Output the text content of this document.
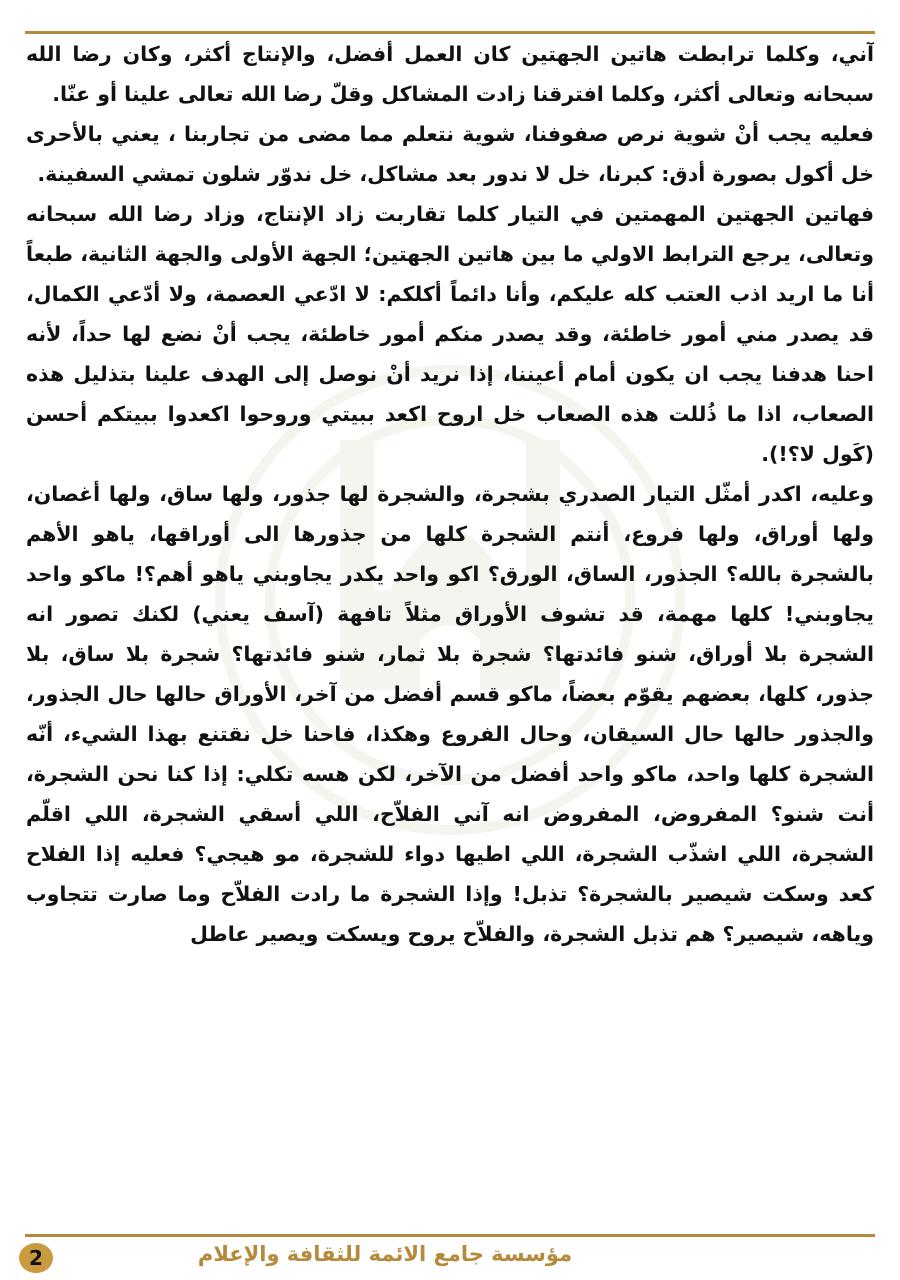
آني، وكلما ترابطت هاتين الجهتين كان العمل أفضل، والإنتاج أكثر، وكان رضا الله سبحانه وتعالى أكثر، وكلما افترقنا زادت المشاكل وقلّ رضا الله تعالى علينا أو عنّا.

فعليه يجب أنْ شوية نرص صفوفنا، شوية نتعلم مما مضى من تجاربنا ، يعني بالأحرى خل أكول بصورة أدق: كبرنا، خل لا ندور بعد مشاكل، خل ندوّر شلون تمشي السفينة.

فهاتين الجهتين المهمتين في التيار كلما تقاربت زاد الإنتاج، وزاد رضا الله سبحانه وتعالى، يرجع الترابط الاولي ما بين هاتين الجهتين؛ الجهة الأولى والجهة الثانية، طبعاً أنا ما اريد اذب العتب كله عليكم، وأنا دائماً أكلكم: لا ادّعي العصمة، ولا أدّعي الكمال، قد يصدر مني أمور خاطئة، وقد يصدر منكم أمور خاطئة، يجب أنْ نضع لها حداً، لأنه احنا هدفنا يجب ان يكون أمام أعيننا، إذا نريد أنْ نوصل إلى الهدف علينا بتذليل هذه الصعاب، اذا ما ذُللت هذه الصعاب خل اروح اكعد ببيتي وروحوا اكعدوا ببيتكم أحسن (كَول لا؟!).

وعليه، اكدر أمثّل التيار الصدري بشجرة، والشجرة لها جذور، ولها ساق، ولها أغصان، ولها أوراق، ولها فروع، أنتم الشجرة كلها من جذورها الى أوراقها، ياهو الأهم بالشجرة بالله؟ الجذور، الساق، الورق؟ اكو واحد يكدر يجاوبني ياهو أهم؟! ماكو واحد يجاوبني! كلها مهمة، قد تشوف الأوراق مثلاً تافهة (آسف يعني) لكنك تصور انه الشجرة بلا أوراق، شنو فائدتها؟ شجرة بلا ثمار، شنو فائدتها؟ شجرة بلا ساق، بلا جذور، كلها، بعضهم يقوّم بعضاً، ماكو قسم أفضل من آخر، الأوراق حالها حال الجذور، والجذور حالها حال السيقان، وحال الفروع وهكذا، فاحنا خل نقتنع بهذا الشيء، أنّه الشجرة كلها واحد، ماكو واحد أفضل من الآخر، لكن هسه تكلي: إذا كنا نحن الشجرة، أنت شنو؟ المفروض، المفروض انه آني الفلاّح، اللي أسقي الشجرة، اللي اقلّم الشجرة، اللي اشذّب الشجرة، اللي اطيها دواء للشجرة، مو هيجي؟ فعليه إذا الفلاح كعد وسكت شيصير بالشجرة؟ تذبل! وإذا الشجرة ما رادت الفلاّح وما صارت تتجاوب وياهه، شيصير؟ هم تذبل الشجرة، والفلاّح يروح ويسكت ويصير عاطل

مؤسسة جامع الائمة للثقافة والإعلام
2
